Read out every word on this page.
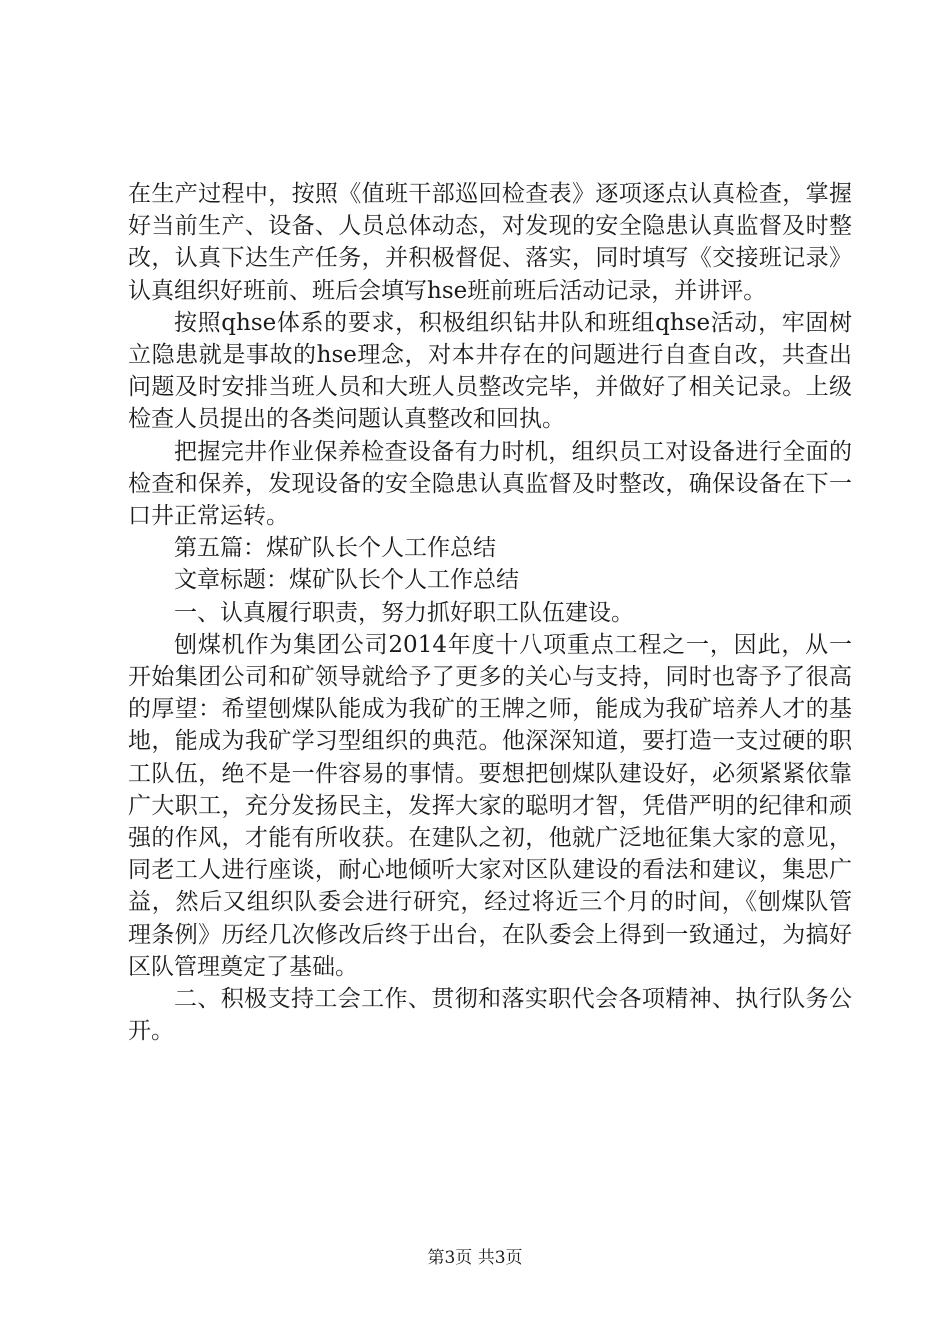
在生产过程中，按照《值班干部巡回检查表》逐项逐点认真检查，掌握好当前生产、设备、人员总体动态，对发现的安全隐患认真监督及时整改，认真下达生产任务，并积极督促、落实，同时填写《交接班记录》认真组织好班前、班后会填写hse班前班后活动记录，并讲评。

按照qhse体系的要求，积极组织钻井队和班组qhse活动，牢固树立隐患就是事故的hse理念，对本井存在的问题进行自查自改，共查出问题及时安排当班人员和大班人员整改完毕，并做好了相关记录。上级检查人员提出的各类问题认真整改和回执。

把握完井作业保养检查设备有力时机，组织员工对设备进行全面的检查和保养，发现设备的安全隐患认真监督及时整改，确保设备在下一口井正常运转。

第五篇：煤矿队长个人工作总结

文章标题：煤矿队长个人工作总结

一、认真履行职责，努力抓好职工队伍建设。

刨煤机作为集团公司2014年度十八项重点工程之一，因此，从一开始集团公司和矿领导就给予了更多的关心与支持，同时也寄予了很高的厚望：希望刨煤队能成为我矿的王牌之师，能成为我矿培养人才的基地，能成为我矿学习型组织的典范。他深深知道，要打造一支过硬的职工队伍，绝不是一件容易的事情。要想把刨煤队建设好，必须紧紧依靠广大职工，充分发扬民主，发挥大家的聪明才智，凭借严明的纪律和顽强的作风，才能有所收获。在建队之初，他就广泛地征集大家的意见，同老工人进行座谈，耐心地倾听大家对区队建设的看法和建议，集思广益，然后又组织队委会进行研究，经过将近三个月的时间，《刨煤队管理条例》历经几次修改后终于出台，在队委会上得到一致通过，为搞好区队管理奠定了基础。

二、积极支持工会工作、贯彻和落实职代会各项精神、执行队务公开。

第3页 共3页
